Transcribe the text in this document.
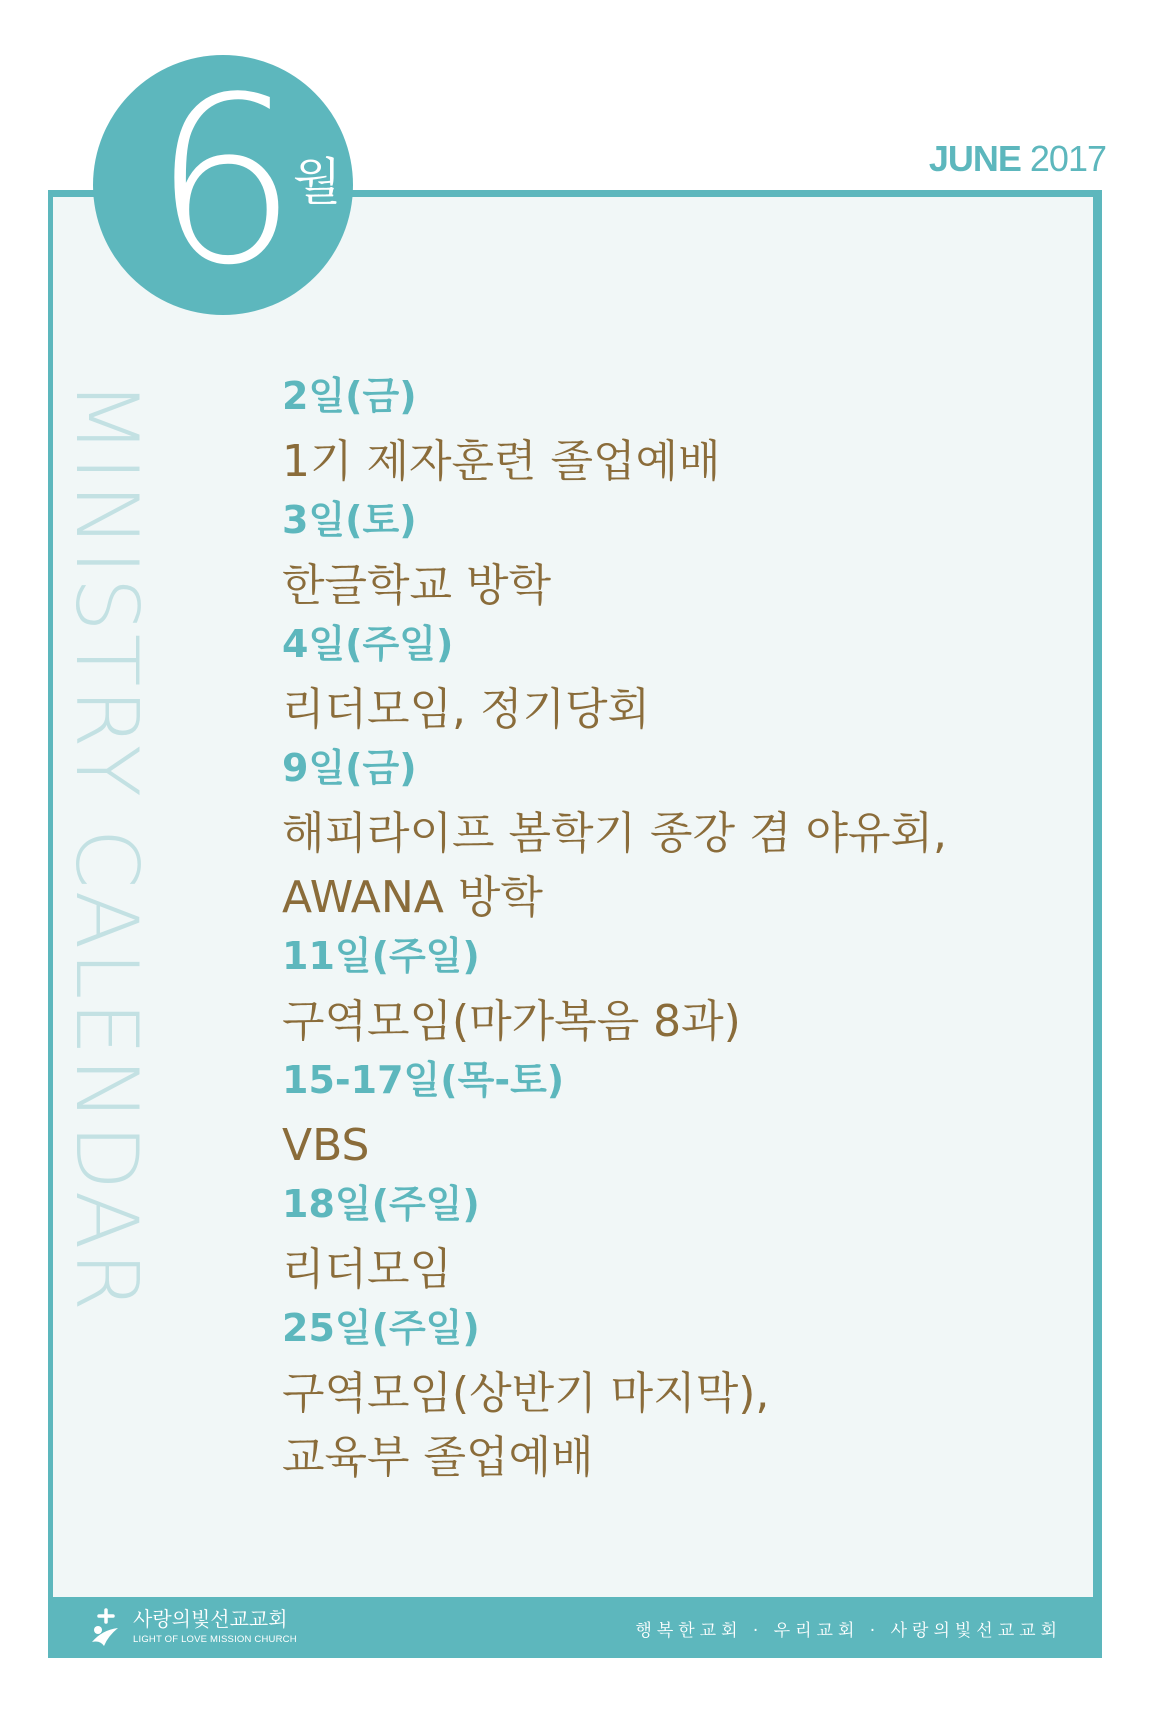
6
월	JUNE 2017
MINISTRY CALENDAR	2일(금)
1기 제자훈련 졸업예배
3일(토)
한글학교 방학
4일(주일)
리더모임, 정기당회
9일(금)
해피라이프 봄학기 종강 겸 야유회,
AWANA 방학
11일(주일)
구역모임(마가복음 8과)
15-17일(목-토)
VBS
18일(주일)
리더모임
25일(주일)
구역모임(상반기 마지막),
교육부 졸업예배
사랑의빛선교교회
LIGHT OF LOVE MISSION CHURCH	행복한교회 · 우리교회 · 사랑의빛선교교회
